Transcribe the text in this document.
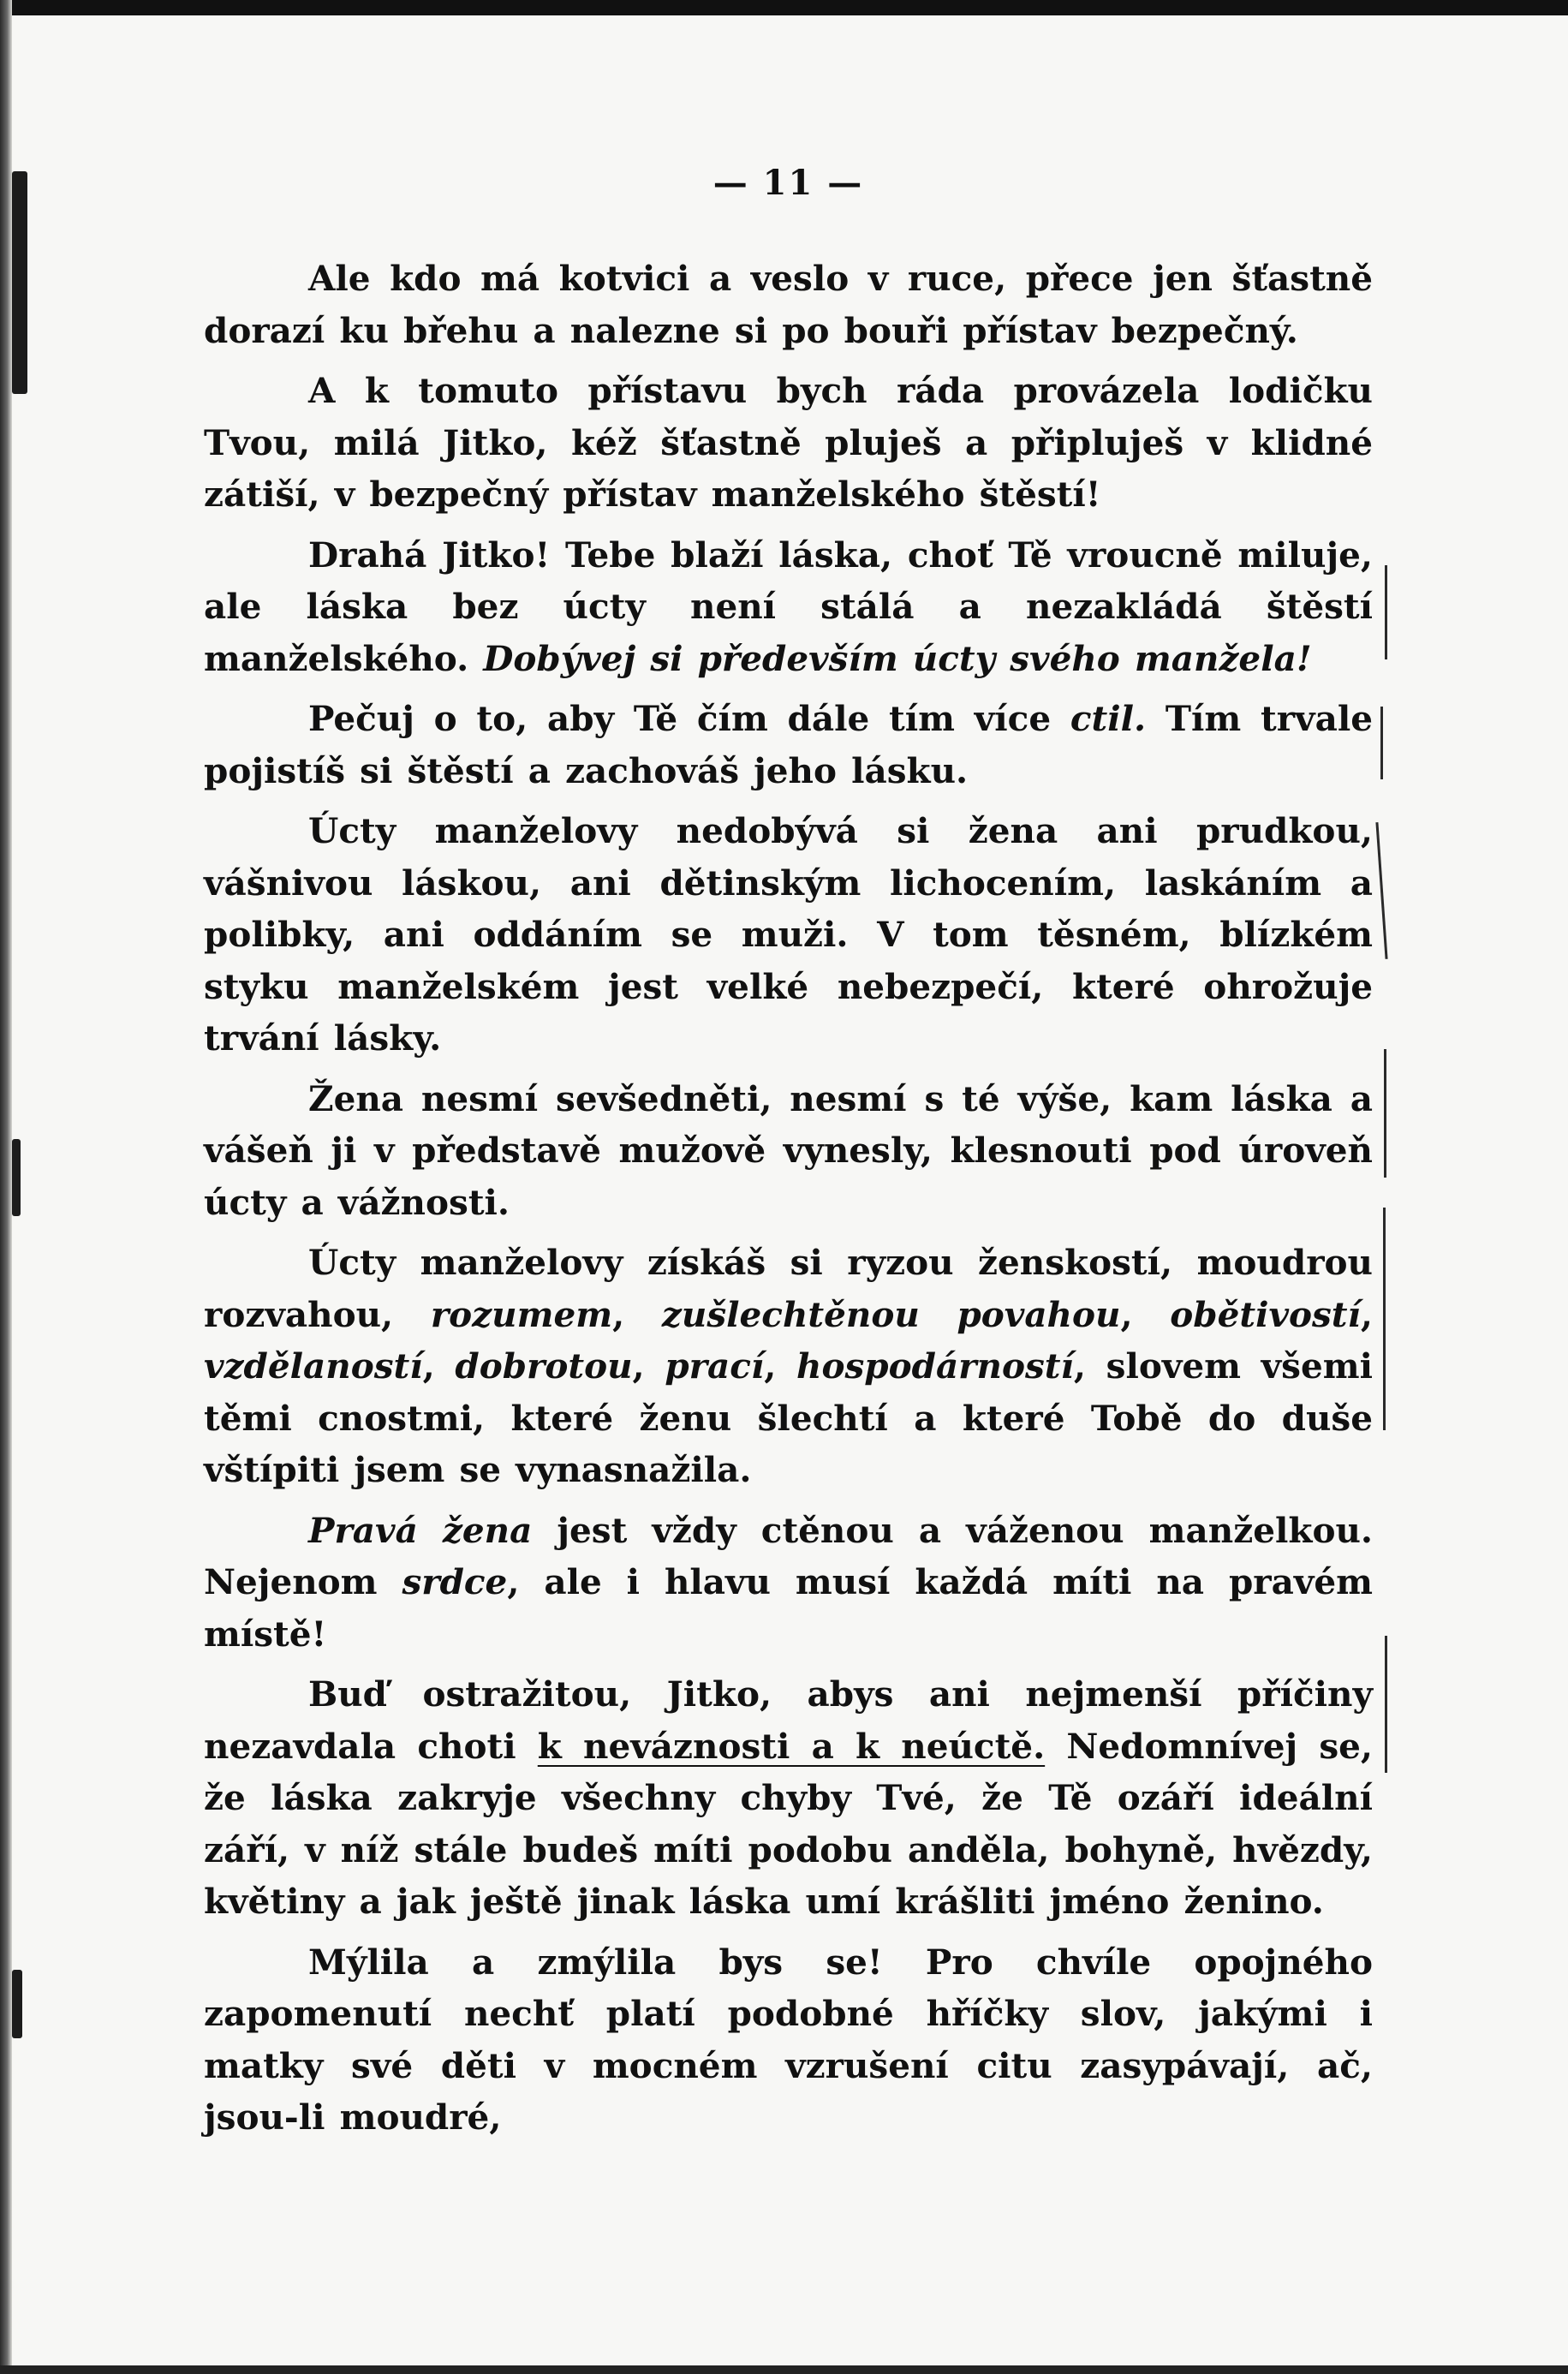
— 11 —

Ale kdo má kotvici a veslo v ruce, přece jen šťastně dorazí ku břehu a nalezne si po bouři přístav bezpečný.

A k tomuto přístavu bych ráda provázela lodičku Tvou, milá Jitko, kéž šťastně pluješ a připluješ v klidné zátiší, v bezpečný přístav manželského štěstí!

Drahá Jitko! Tebe blaží láska, choť Tě vroucně miluje, ale láska bez úcty není stálá a nezakládá štěstí manželského. Dobývej si především úcty svého manžela!

Pečuj o to, aby Tě čím dále tím více ctil. Tím trvale pojistíš si štěstí a zachováš jeho lásku.

Úcty manželovy nedobývá si žena ani prudkou, vášnivou láskou, ani dětinským lichocením, laskáním a polibky, ani oddáním se muži. V tom těsném, blízkém styku manželském jest velké nebezpečí, které ohrožuje trvání lásky.

Žena nesmí sevšedněti, nesmí s té výše, kam láska a vášeň ji v představě mužově vynesly, klesnouti pod úroveň úcty a vážnosti.

Úcty manželovy získáš si ryzou ženskostí, moudrou rozvahou, rozumem, zušlechtěnou povahou, obětivostí, vzdělaností, dobrotou, prací, hospodárností, slovem všemi těmi cnostmi, které ženu šlechtí a které Tobě do duše vštípiti jsem se vynasnažila.

Pravá žena jest vždy ctěnou a váženou manželkou. Nejenom srdce, ale i hlavu musí každá míti na pravém místě!

Buď ostražitou, Jitko, abys ani nejmenší příčiny nezavdala choti k neváznosti a k neúctě. Nedomnívej se, že láska zakryje všechny chyby Tvé, že Tě ozáří ideální září, v níž stále budeš míti podobu anděla, bohyně, hvězdy, květiny a jak ještě jinak láska umí krášliti jméno ženino.

Mýlila a zmýlila bys se! Pro chvíle opojného zapomenutí nechť platí podobné hříčky slov, jakými i matky své děti v mocném vzrušení citu zasypávají, ač, jsou-li moudré,
